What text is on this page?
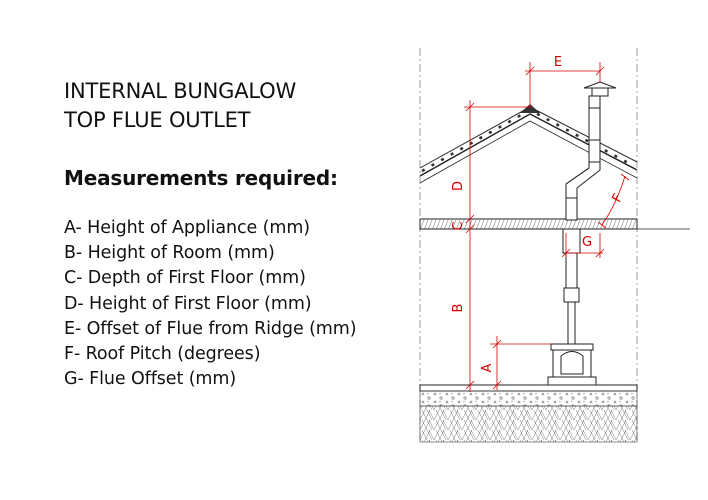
INTERNAL BUNGALOW
TOP FLUE OUTLET
Measurements required:
A- Height of Appliance (mm)
B- Height of Room (mm)
C- Depth of First Floor (mm)
D- Height of First Floor (mm)
E- Offset of Flue from Ridge (mm)
F- Roof Pitch (degrees)
G- Flue Offset (mm)
E
D
C
B
A
G
F
